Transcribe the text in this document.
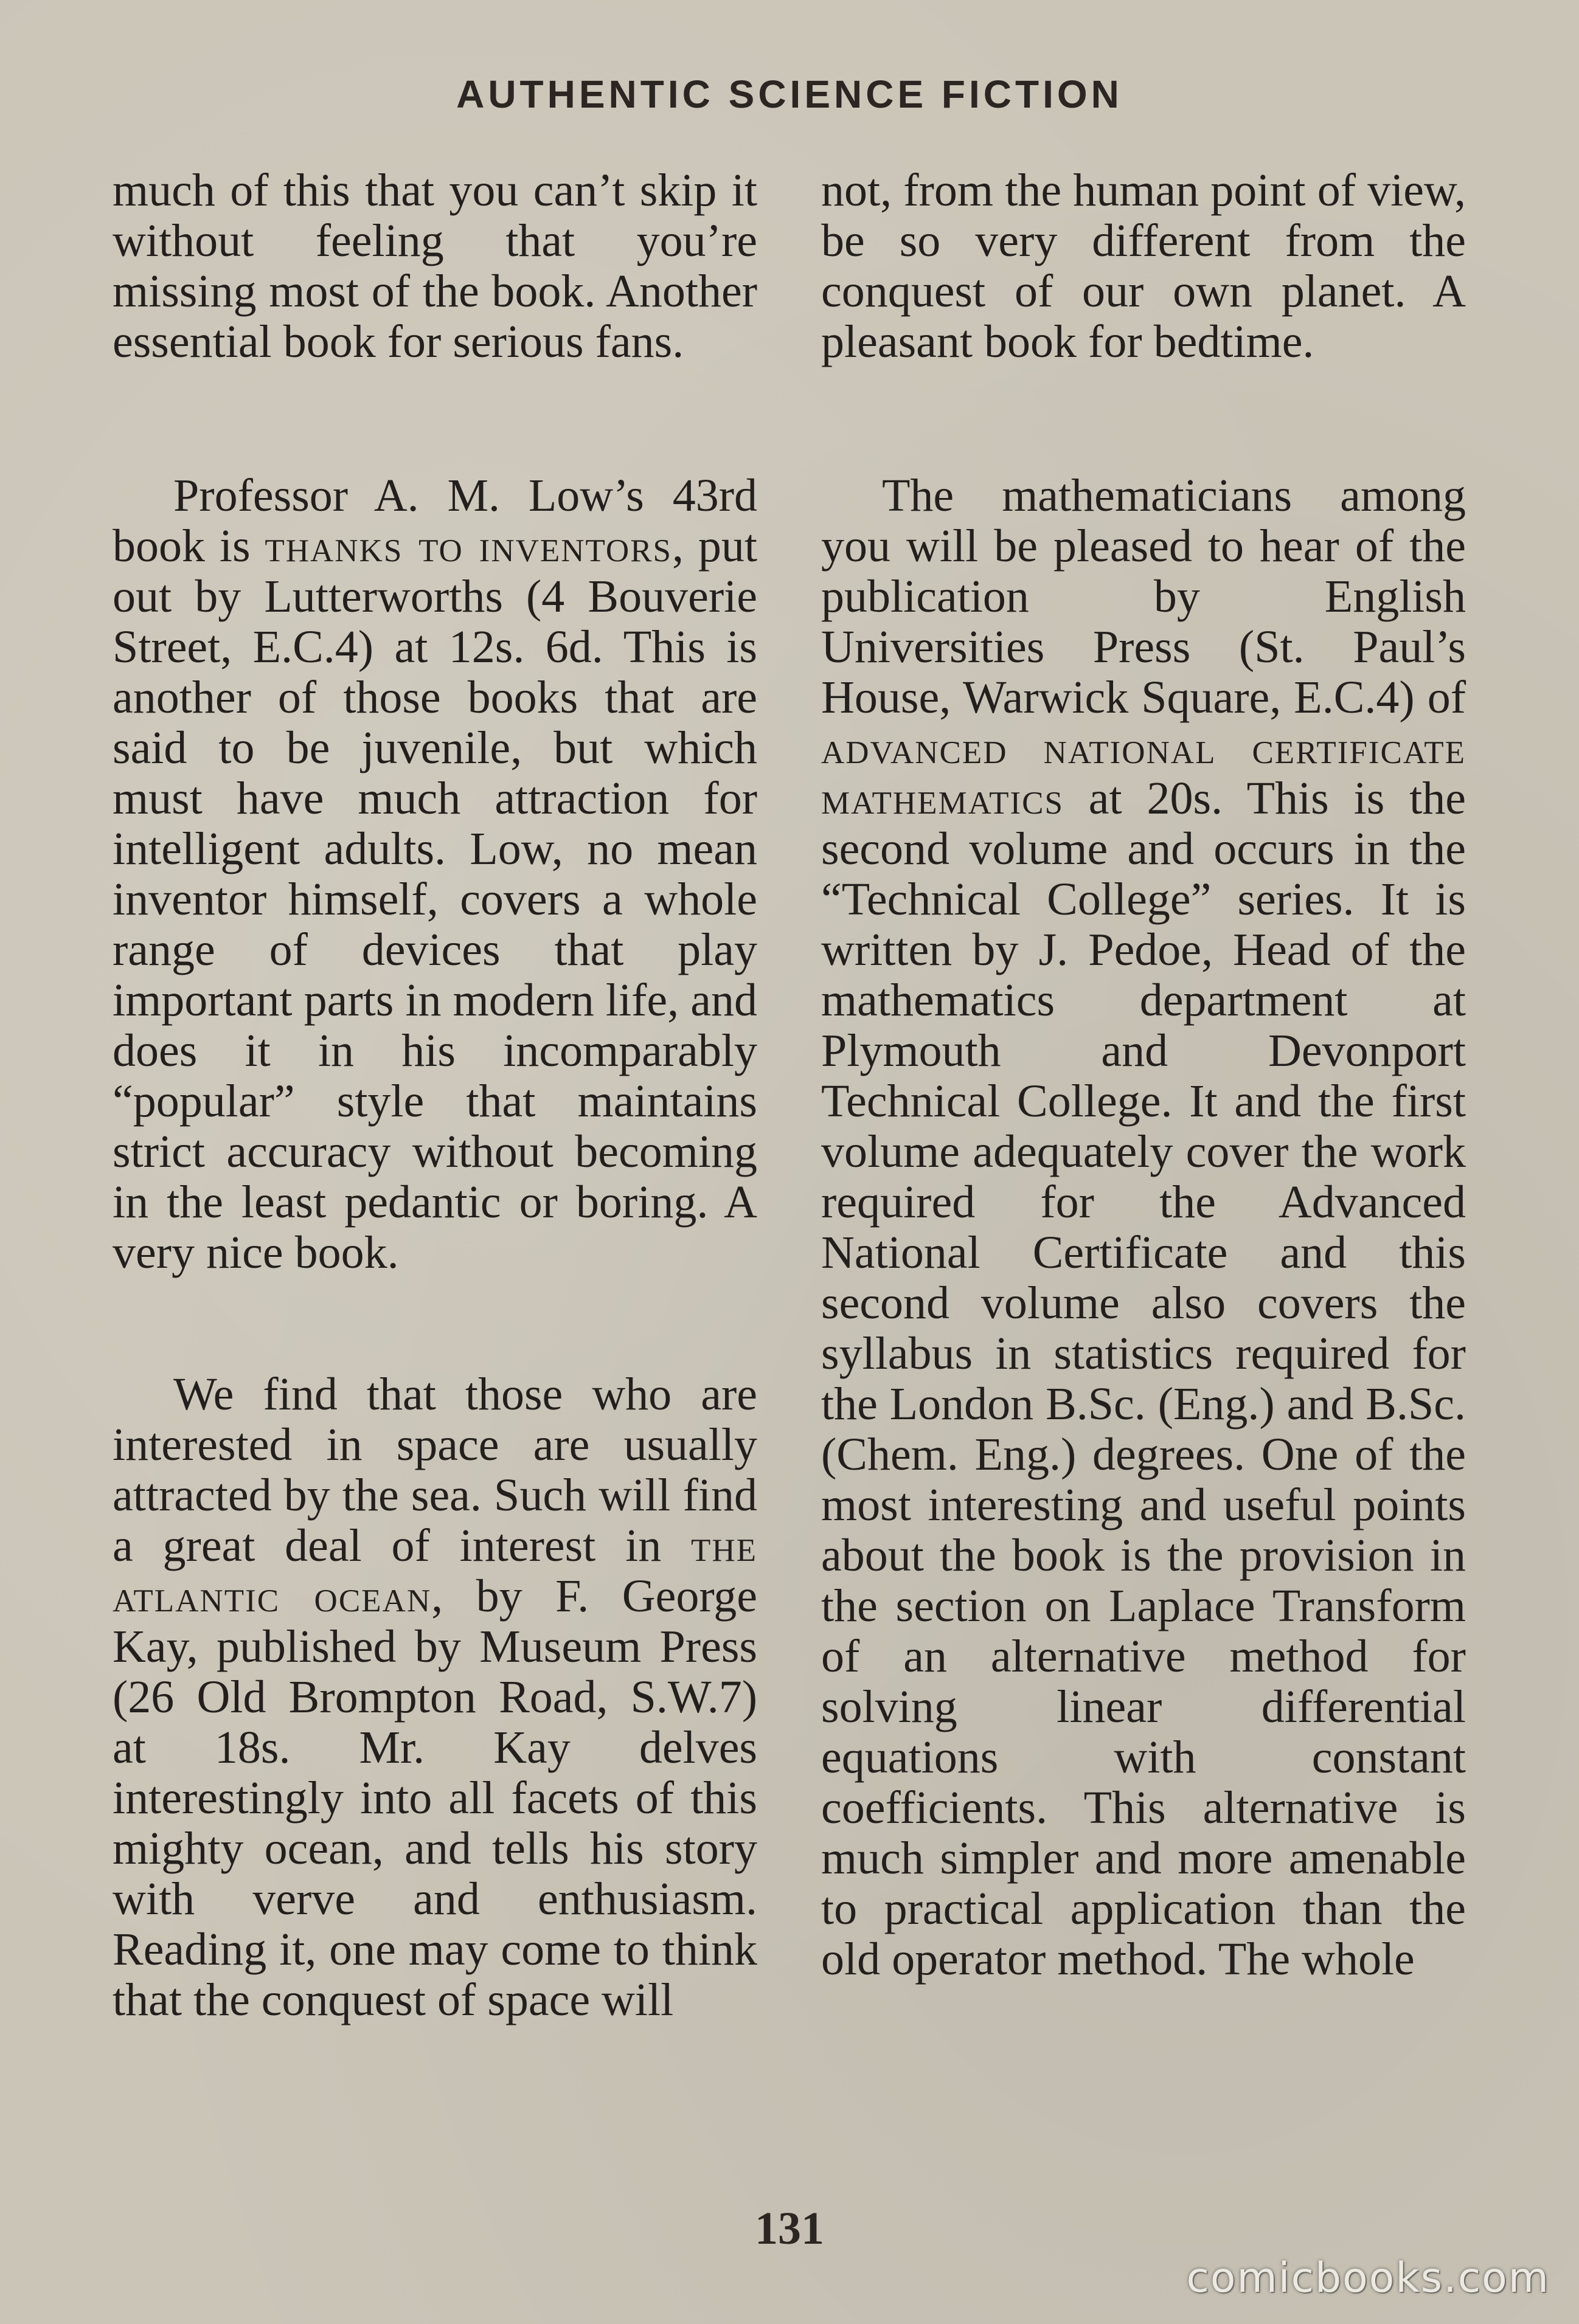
AUTHENTIC SCIENCE FICTION

much of this that you can’t skip it without feeling that you’re missing most of the book. Another essential book for serious fans.

Professor A. M. Low’s 43rd book is thanks to inventors, put out by Lutterworths (4 Bouverie Street, E.C.4) at 12s. 6d. This is another of those books that are said to be juvenile, but which must have much attraction for intelligent adults. Low, no mean inventor himself, covers a whole range of devices that play important parts in modern life, and does it in his incomparably “popular” style that maintains strict accuracy without becoming in the least pedantic or boring. A very nice book.

We find that those who are interested in space are usually attracted by the sea. Such will find a great deal of interest in the atlantic ocean, by F. George Kay, published by Museum Press (26 Old Brompton Road, S.W.7) at 18s. Mr. Kay delves interestingly into all facets of this mighty ocean, and tells his story with verve and enthusiasm. Reading it, one may come to think that the conquest of space will

not, from the human point of view, be so very different from the conquest of our own planet. A pleasant book for bedtime.

The mathematicians among you will be pleased to hear of the publication by English Universities Press (St. Paul’s House, Warwick Square, E.C.4) of advanced national certificate mathematics at 20s. This is the second volume and occurs in the “Technical College” series. It is written by J. Pedoe, Head of the mathematics department at Plymouth and Devonport Technical College. It and the first volume adequately cover the work required for the Advanced National Certificate and this second volume also covers the syllabus in statistics required for the London B.Sc. (Eng.) and B.Sc. (Chem. Eng.) degrees. One of the most interesting and useful points about the book is the provision in the section on Laplace Transform of an alternative method for solving linear differential equations with constant coefficients. This alternative is much simpler and more amenable to practical application than the old operator method. The whole

131
comicbooks.com
